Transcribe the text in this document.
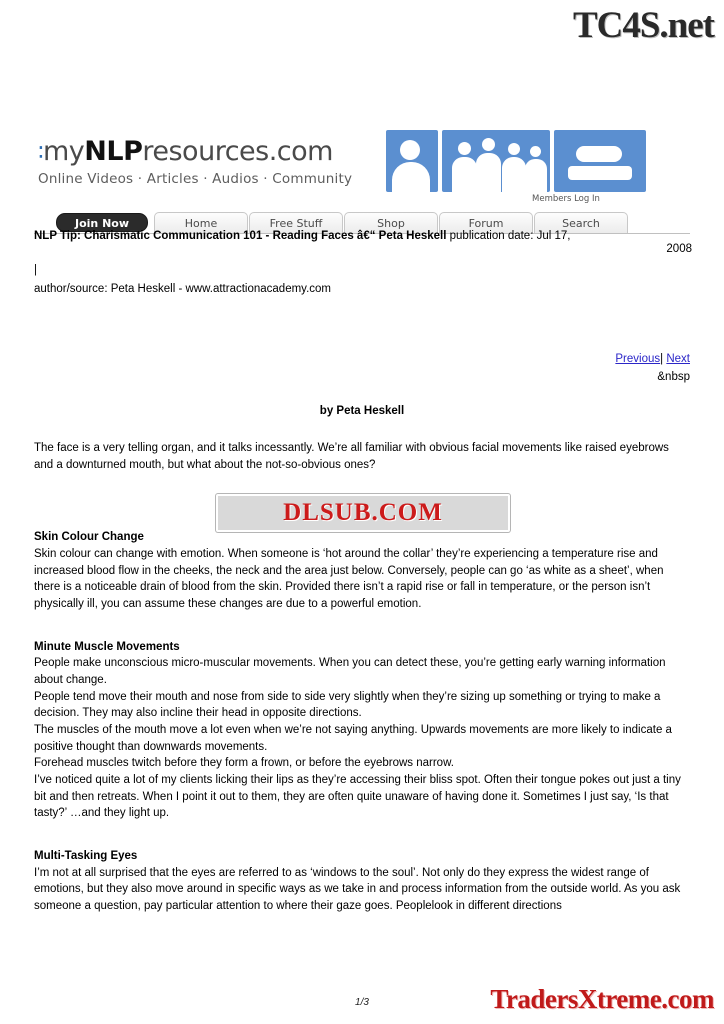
TC4S.net
∶ myNLPresources.com
Online Videos · Articles · Audios · Community
Members Log In
Join Now	Home	Free Stuff	Shop	Forum	Search
NLP Tip: Charismatic Communication 101 - Reading Faces â€“ Peta Heskell publication date: Jul 17,
2008
|
author/source: Peta Heskell - www.attractionacademy.com
Previous| Next
&nbsp
by Peta Heskell

The face is a very telling organ, and it talks incessantly. We’re all familiar with obvious facial movements like raised eyebrows and a downturned mouth, but what about the not-so-obvious ones?

Skin Colour Change

Skin colour can change with emotion. When someone is ‘hot around the collar’ they’re experiencing a temperature rise and increased blood flow in the cheeks, the neck and the area just below. Conversely, people can go ‘as white as a sheet’, when there is a noticeable drain of blood from the skin. Provided there isn’t a rapid rise or fall in temperature, or the person isn’t physically ill, you can assume these changes are due to a powerful emotion.

Minute Muscle Movements

People make unconscious micro-muscular movements. When you can detect these, you’re getting early warning information about change.

People tend move their mouth and nose from side to side very slightly when they’re sizing up something or trying to make a decision. They may also incline their head in opposite directions.

The muscles of the mouth move a lot even when we’re not saying anything. Upwards movements are more likely to indicate a positive thought than downwards movements.

Forehead muscles twitch before they form a frown, or before the eyebrows narrow.

I’ve noticed quite a lot of my clients licking their lips as they’re accessing their bliss spot. Often their tongue pokes out just a tiny bit and then retreats. When I point it out to them, they are often quite unaware of having done it. Sometimes I just say, ‘Is that tasty?’ …and they light up.

Multi-Tasking Eyes

I’m not at all surprised that the eyes are referred to as ‘windows to the soul’. Not only do they express the widest range of emotions, but they also move around in specific ways as we take in and process information from the outside world. As you ask someone a question, pay particular attention to where their gaze goes. Peoplelook in different directions

DLSUB.COM
1/3	TradersXtreme.com
